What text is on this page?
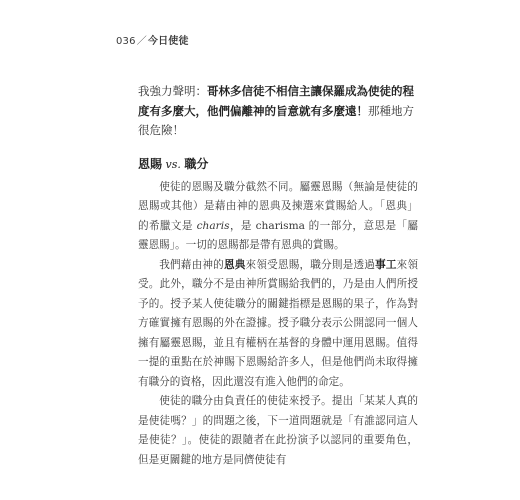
036／今日使徒

我強力聲明：哥林多信徒不相信主讓保羅成為使徒的程度有多麼大，他們偏離神的旨意就有多麼遠！那種地方很危險！

恩賜 vs. 職分

使徒的恩賜及職分截然不同。屬靈恩賜（無論是使徒的恩賜或其他）是藉由神的恩典及揀選來賞賜給人。「恩典」的希臘文是 charis，是 charisma 的一部分，意思是「屬靈恩賜」。一切的恩賜都是帶有恩典的賞賜。

我們藉由神的恩典來領受恩賜，職分則是透過事工來領受。此外，職分不是由神所賞賜給我們的，乃是由人們所授予的。授予某人使徒職分的關鍵指標是恩賜的果子，作為對方確實擁有恩賜的外在證據。授予職分表示公開認同一個人擁有屬靈恩賜，並且有權柄在基督的身體中運用恩賜。值得一提的重點在於神賜下恩賜給許多人，但是他們尚未取得擁有職分的資格，因此還沒有進入他們的命定。

使徒的職分由負責任的使徒來授予。提出「某某人真的是使徒嗎？」的問題之後，下一道問題就是「有誰認同這人是使徒？」。使徒的跟隨者在此扮演予以認同的重要角色，但是更關鍵的地方是同儕使徒有
